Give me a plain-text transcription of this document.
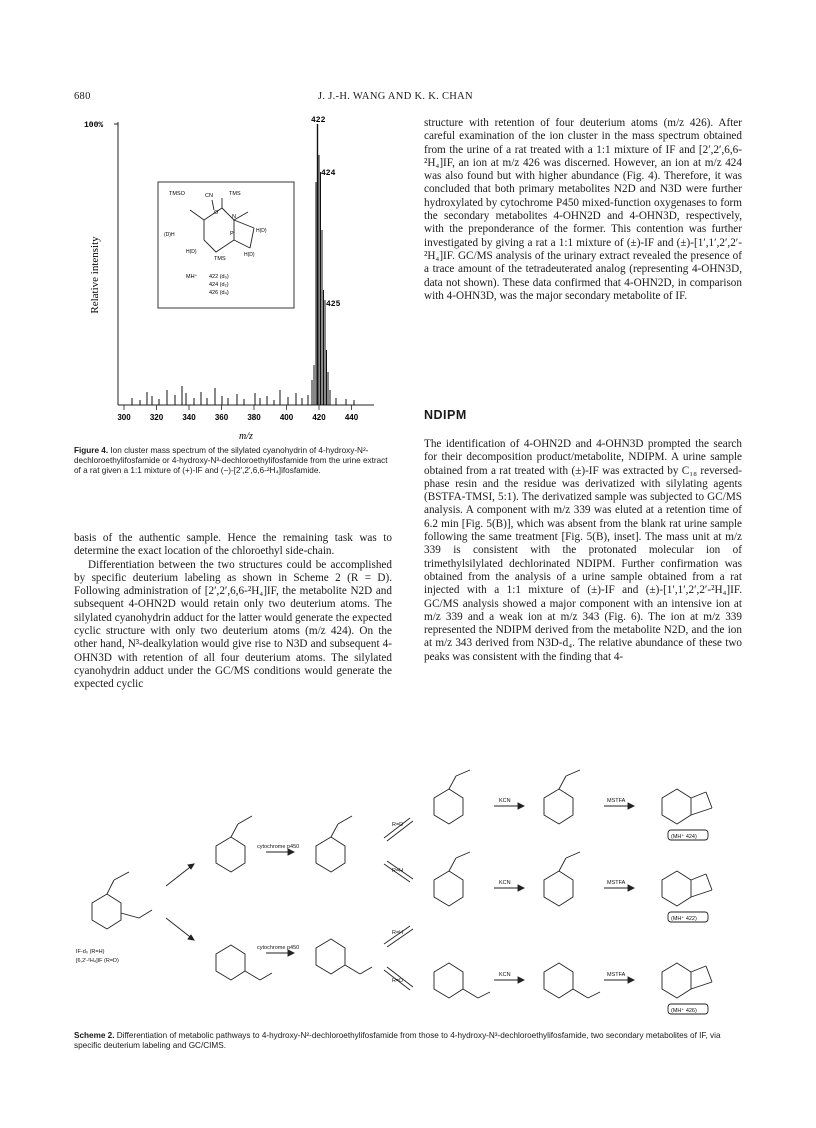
680	J. J.-H. WANG AND K. K. CHAN
100%
Relative intensity
300 320 340 360 380 400 420 440
m/z
422
424
425
TMSO	CN	TMS
O
N
P	H(D)
(D)H
H(D)
TMS
H(D)
MH⁺ 422 (d₀)
424 (d₂)
426 (d₄)
Figure 4. Ion cluster mass spectrum of the silylated cyanohydrin of 4-hydroxy-N²-dechloroethylifosfamide or 4-hydroxy-N³-dechloroethylifosfamide from the urine extract of a rat given a 1:1 mixture of (+)-IF and (−)-[2′,2′,6,6-²H₄]ifosfamide.

basis of the authentic sample. Hence the remaining task was to determine the exact location of the chloroethyl side-chain.

Differentiation between the two structures could be accomplished by specific deuterium labeling as shown in Scheme 2 (R = D). Following administration of [2′,2′,6,6-²H₄]IF, the metabolite N2D and subsequent 4-OHN2D would retain only two deuterium atoms. The silylated cyanohydrin adduct for the latter would generate the expected cyclic structure with only two deuterium atoms (m/z 424). On the other hand, N³-dealkylation would give rise to N3D and subsequent 4-OHN3D with retention of all four deuterium atoms. The silylated cyanohydrin adduct under the GC/MS conditions would generate the expected cyclic

structure with retention of four deuterium atoms (m/z 426). After careful examination of the ion cluster in the mass spectrum obtained from the urine of a rat treated with a 1:1 mixture of IF and [2′,2′,6,6-²H₄]IF, an ion at m/z 426 was discerned. However, an ion at m/z 424 was also found but with higher abundance (Fig. 4). Therefore, it was concluded that both primary metabolites N2D and N3D were further hydroxylated by cytochrome P450 mixed-function oxygenases to form the secondary metabolites 4-OHN2D and 4-OHN3D, respectively, with the preponderance of the former. This contention was further investigated by giving a rat a 1:1 mixture of (±)-IF and (±)-[1′,1′,2′,2′-²H₄]IF. GC/MS analysis of the urinary extract revealed the presence of a trace amount of the tetradeuterated analog (representing 4-OHN3D, data not shown). These data confirmed that 4-OHN2D, in comparison with 4-OHN3D, was the major secondary metabolite of IF.

NDIPM

The identification of 4-OHN2D and 4-OHN3D prompted the search for their decomposition product/metabolite, NDIPM. A urine sample obtained from a rat treated with (±)-IF was extracted by C₁₈ reversed-phase resin and the residue was derivatized with silylating agents (BSTFA-TMSI, 5:1). The derivatized sample was subjected to GC/MS analysis. A component with m/z 339 was eluted at a retention time of 6.2 min [Fig. 5(B)], which was absent from the blank rat urine sample following the same treatment [Fig. 5(B), inset]. The mass unit at m/z 339 is consistent with the protonated molecular ion of trimethylsilylated dechlorinated NDIPM. Further confirmation was obtained from the analysis of a urine sample obtained from a rat injected with a 1:1 mixture of (±)-IF and (±)-[1′,1′,2′,2′-²H₄]IF. GC/MS analysis showed a major component with an intensive ion at m/z 339 and a weak ion at m/z 343 (Fig. 6). The ion at m/z 339 represented the NDIPM derived from the metabolite N2D, and the ion at m/z 343 derived from N3D-d₄. The relative abundance of these two peaks was consistent with the finding that 4-

cytochrome p450
cytochrome p450
R=D
R=H
R=H
R=D
KCN	MSTFA
KCN	MSTFA
KCN	MSTFA
(MH⁺ 424)
(MH⁺ 422)
(MH⁺ 426)
IF-d₀ (R=H)
[6,2′-²H₄]IF (R=D)
Scheme 2. Differentiation of metabolic pathways to 4-hydroxy-N²-dechloroethylifosfamide from those to 4-hydroxy-N³-dechloroethylifosfamide, two secondary metabolites of IF, via specific deuterium labeling and GC/CIMS.
